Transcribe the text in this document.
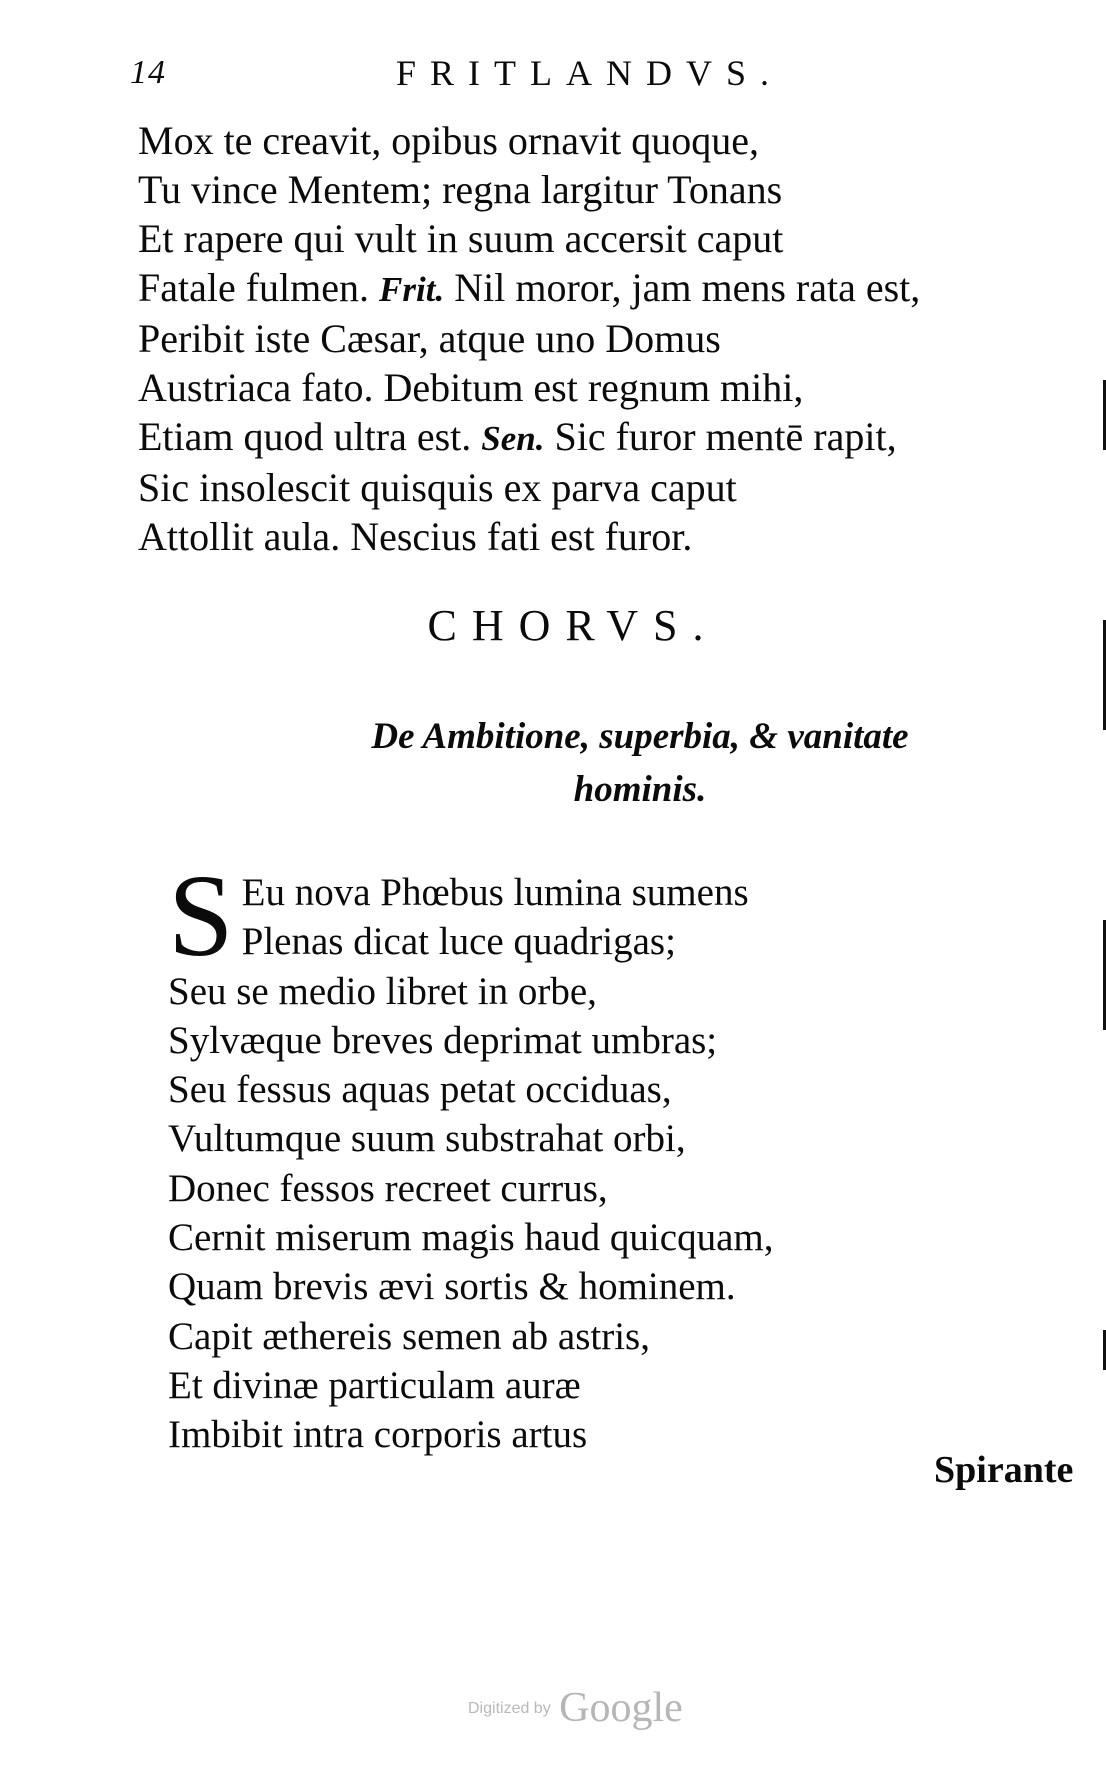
14	FRITLANDVS.
Mox te creavit, opibus ornavit quoque,
Tu vince Mentem; regna largitur Tonans
Et rapere qui vult in suum accersit caput
Fatale fulmen. Frit. Nil moror, jam mens rata est,
Peribit iste Cæsar, atque uno Domus
Austriaca fato. Debitum est regnum mihi,
Etiam quod ultra est. Sen. Sic furor mentē rapit,
Sic insolescit quisquis ex parva caput
Attollit aula. Nescius fati est furor.
CHORVS.
De Ambitione, superbia, & vanitate
hominis.
S Eu nova Phœbus lumina sumens
Plenas dicat luce quadrigas;
Seu se medio libret in orbe,
Sylvæque breves deprimat umbras;
Seu fessus aquas petat occiduas,
Vultumque suum substrahat orbi,
Donec fessos recreet currus,
Cernit miserum magis haud quicquam,
Quam brevis ævi sortis & hominem.
Capit æthereis semen ab astris,
Et divinæ particulam auræ
Imbibit intra corporis artus
Spirante
Digitized by Google
